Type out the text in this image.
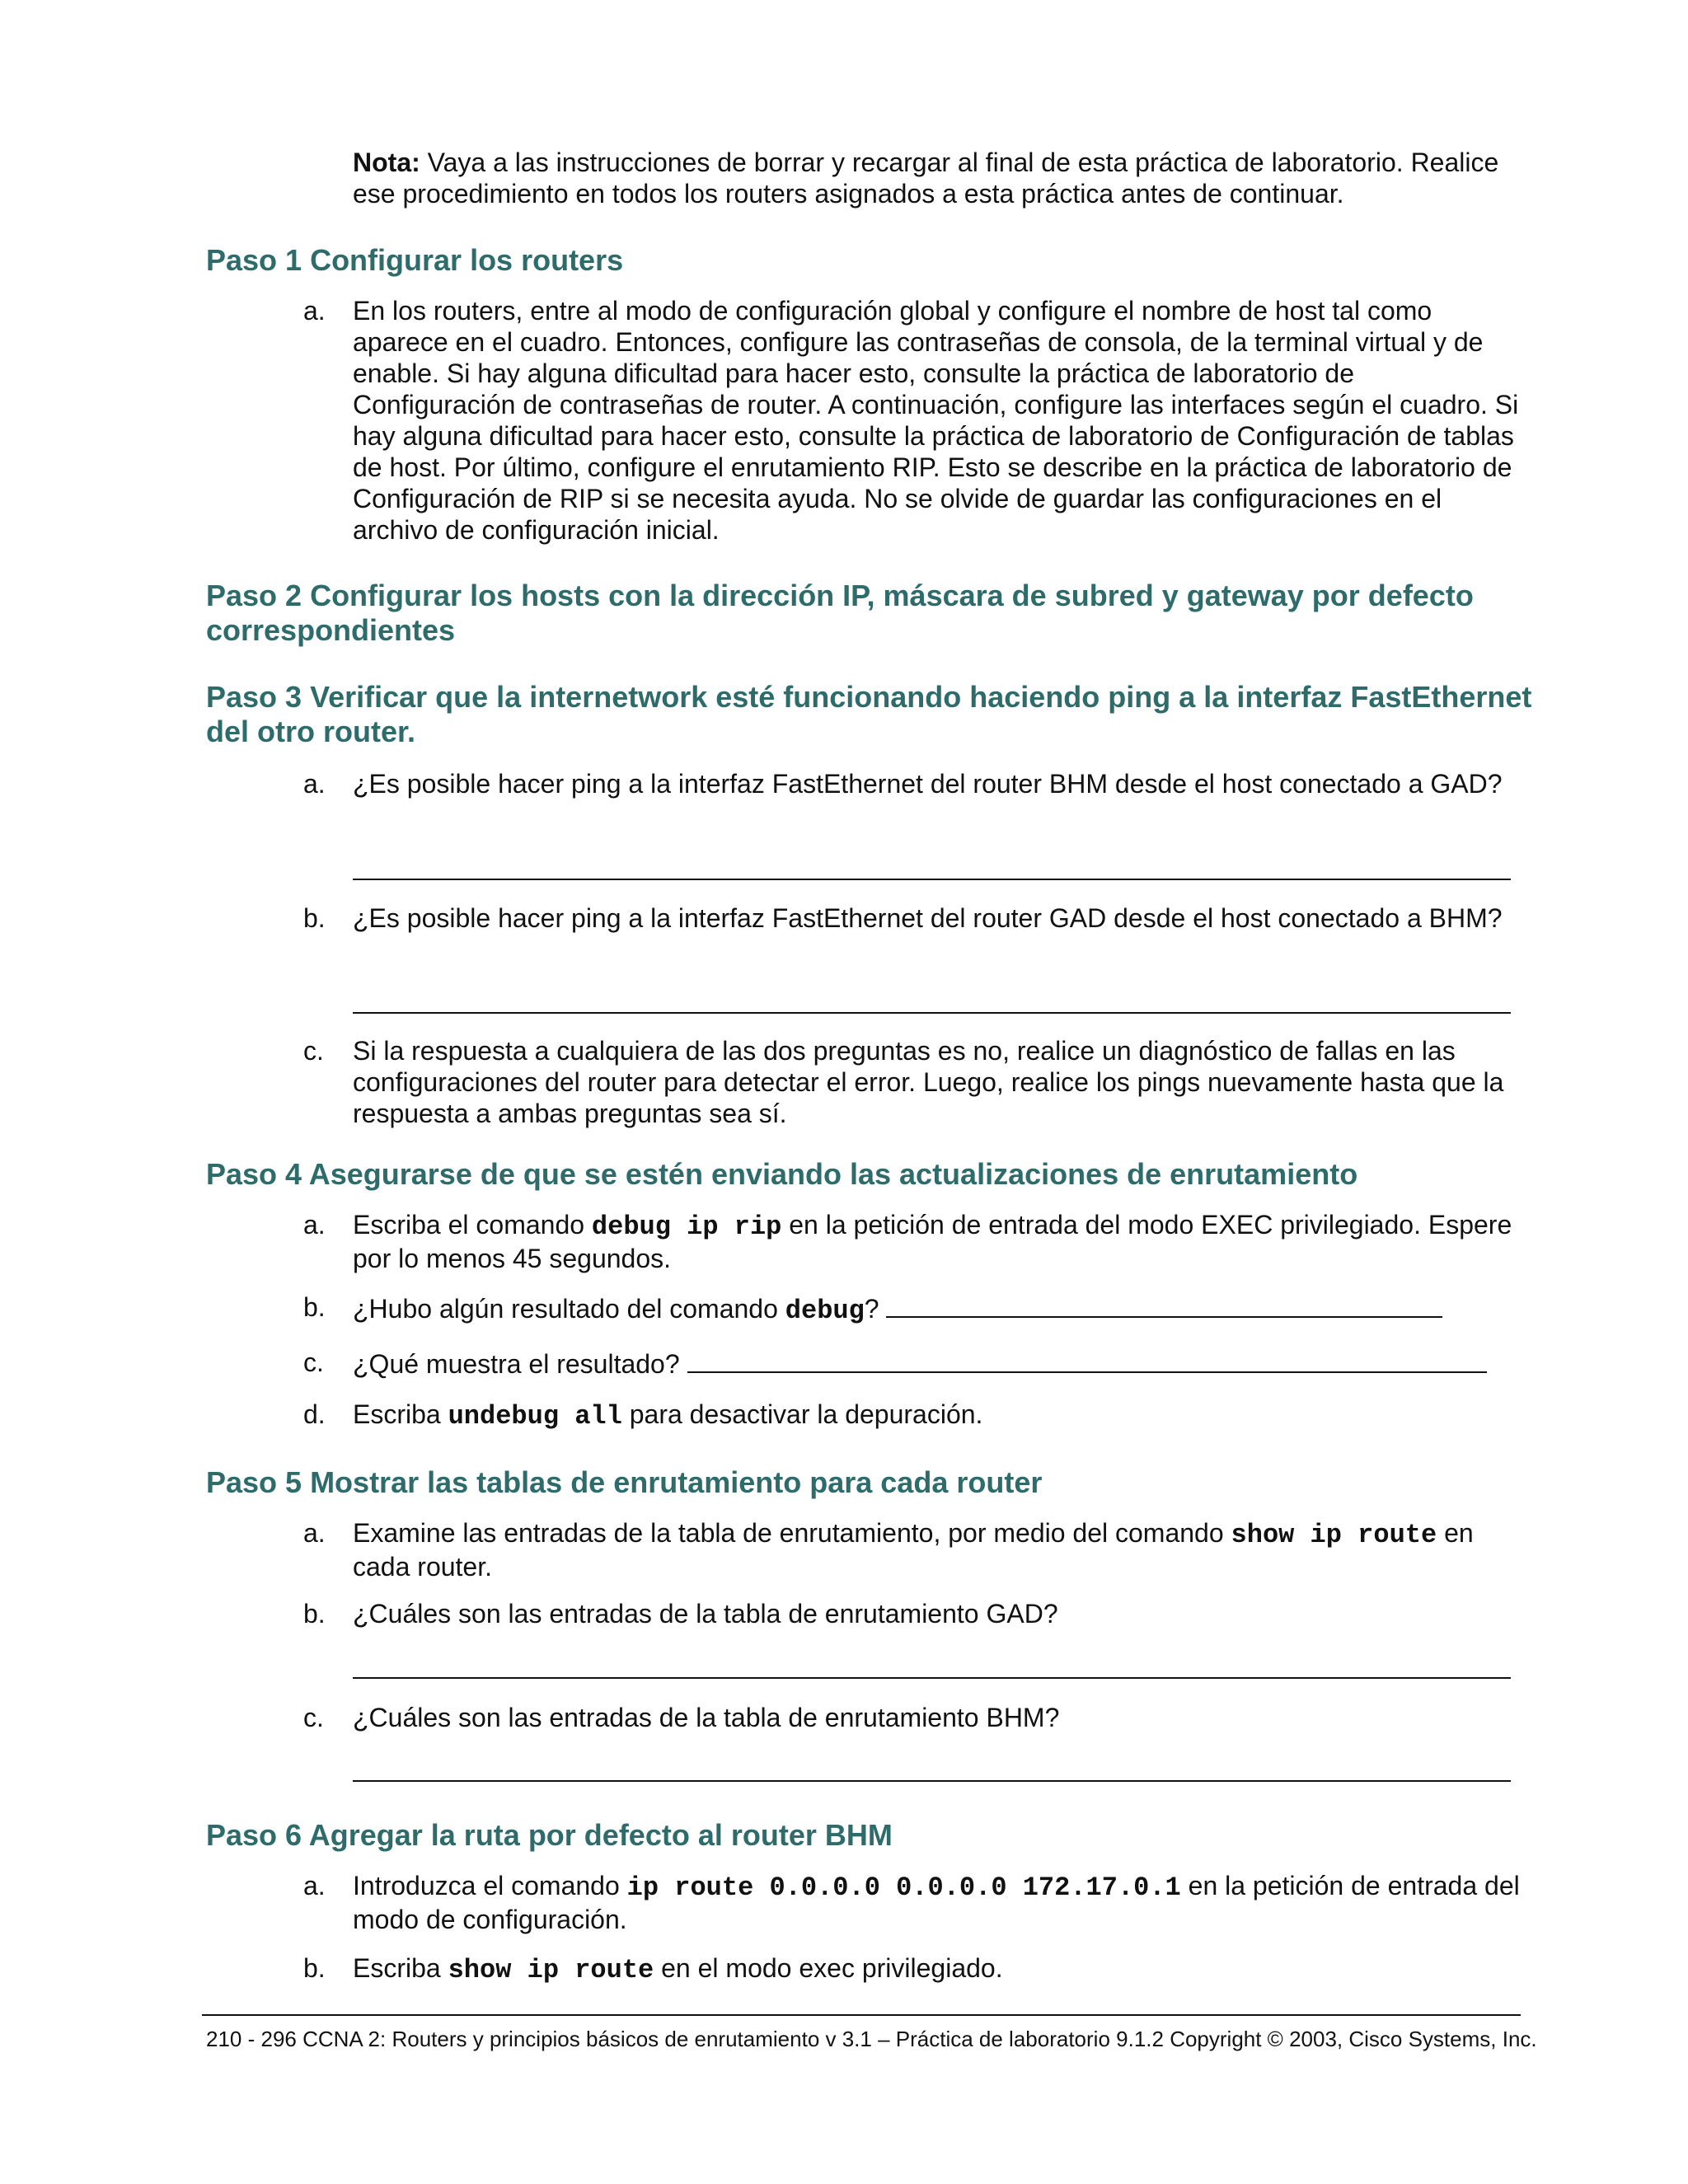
Nota: Vaya a las instrucciones de borrar y recargar al final de esta práctica de laboratorio. Realice ese procedimiento en todos los routers asignados a esta práctica antes de continuar.
Paso 1 Configurar los routers
a.	En los routers, entre al modo de configuración global y configure el nombre de host tal como aparece en el cuadro. Entonces, configure las contraseñas de consola, de la terminal virtual y de enable. Si hay alguna dificultad para hacer esto, consulte la práctica de laboratorio de Configuración de contraseñas de router. A continuación, configure las interfaces según el cuadro. Si hay alguna dificultad para hacer esto, consulte la práctica de laboratorio de Configuración de tablas de host. Por último, configure el enrutamiento RIP. Esto se describe en la práctica de laboratorio de Configuración de RIP si se necesita ayuda. No se olvide de guardar las configuraciones en el archivo de configuración inicial.
Paso 2 Configurar los hosts con la dirección IP, máscara de subred y gateway por defecto correspondientes
Paso 3 Verificar que la internetwork esté funcionando haciendo ping a la interfaz FastEthernet del otro router.
a.	¿Es posible hacer ping a la interfaz FastEthernet del router BHM desde el host conectado a GAD?
b.	¿Es posible hacer ping a la interfaz FastEthernet del router GAD desde el host conectado a BHM?
c.	Si la respuesta a cualquiera de las dos preguntas es no, realice un diagnóstico de fallas en las configuraciones del router para detectar el error. Luego, realice los pings nuevamente hasta que la respuesta a ambas preguntas sea sí.
Paso 4 Asegurarse de que se estén enviando las actualizaciones de enrutamiento
a.	Escriba el comando debug ip rip en la petición de entrada del modo EXEC privilegiado. Espere por lo menos 45 segundos.
b.	¿Hubo algún resultado del comando debug?
c.	¿Qué muestra el resultado?
d.	Escriba undebug all para desactivar la depuración.
Paso 5 Mostrar las tablas de enrutamiento para cada router
a.	Examine las entradas de la tabla de enrutamiento, por medio del comando show ip route en cada router.
b.	¿Cuáles son las entradas de la tabla de enrutamiento GAD?
c.	¿Cuáles son las entradas de la tabla de enrutamiento BHM?
Paso 6 Agregar la ruta por defecto al router BHM
a.	Introduzca el comando ip route 0.0.0.0 0.0.0.0 172.17.0.1 en la petición de entrada del modo de configuración.
b.	Escriba show ip route en el modo exec privilegiado.
210 - 296 CCNA 2: Routers y principios básicos de enrutamiento v 3.1 – Práctica de laboratorio 9.1.2 Copyright © 2003, Cisco Systems, Inc.
